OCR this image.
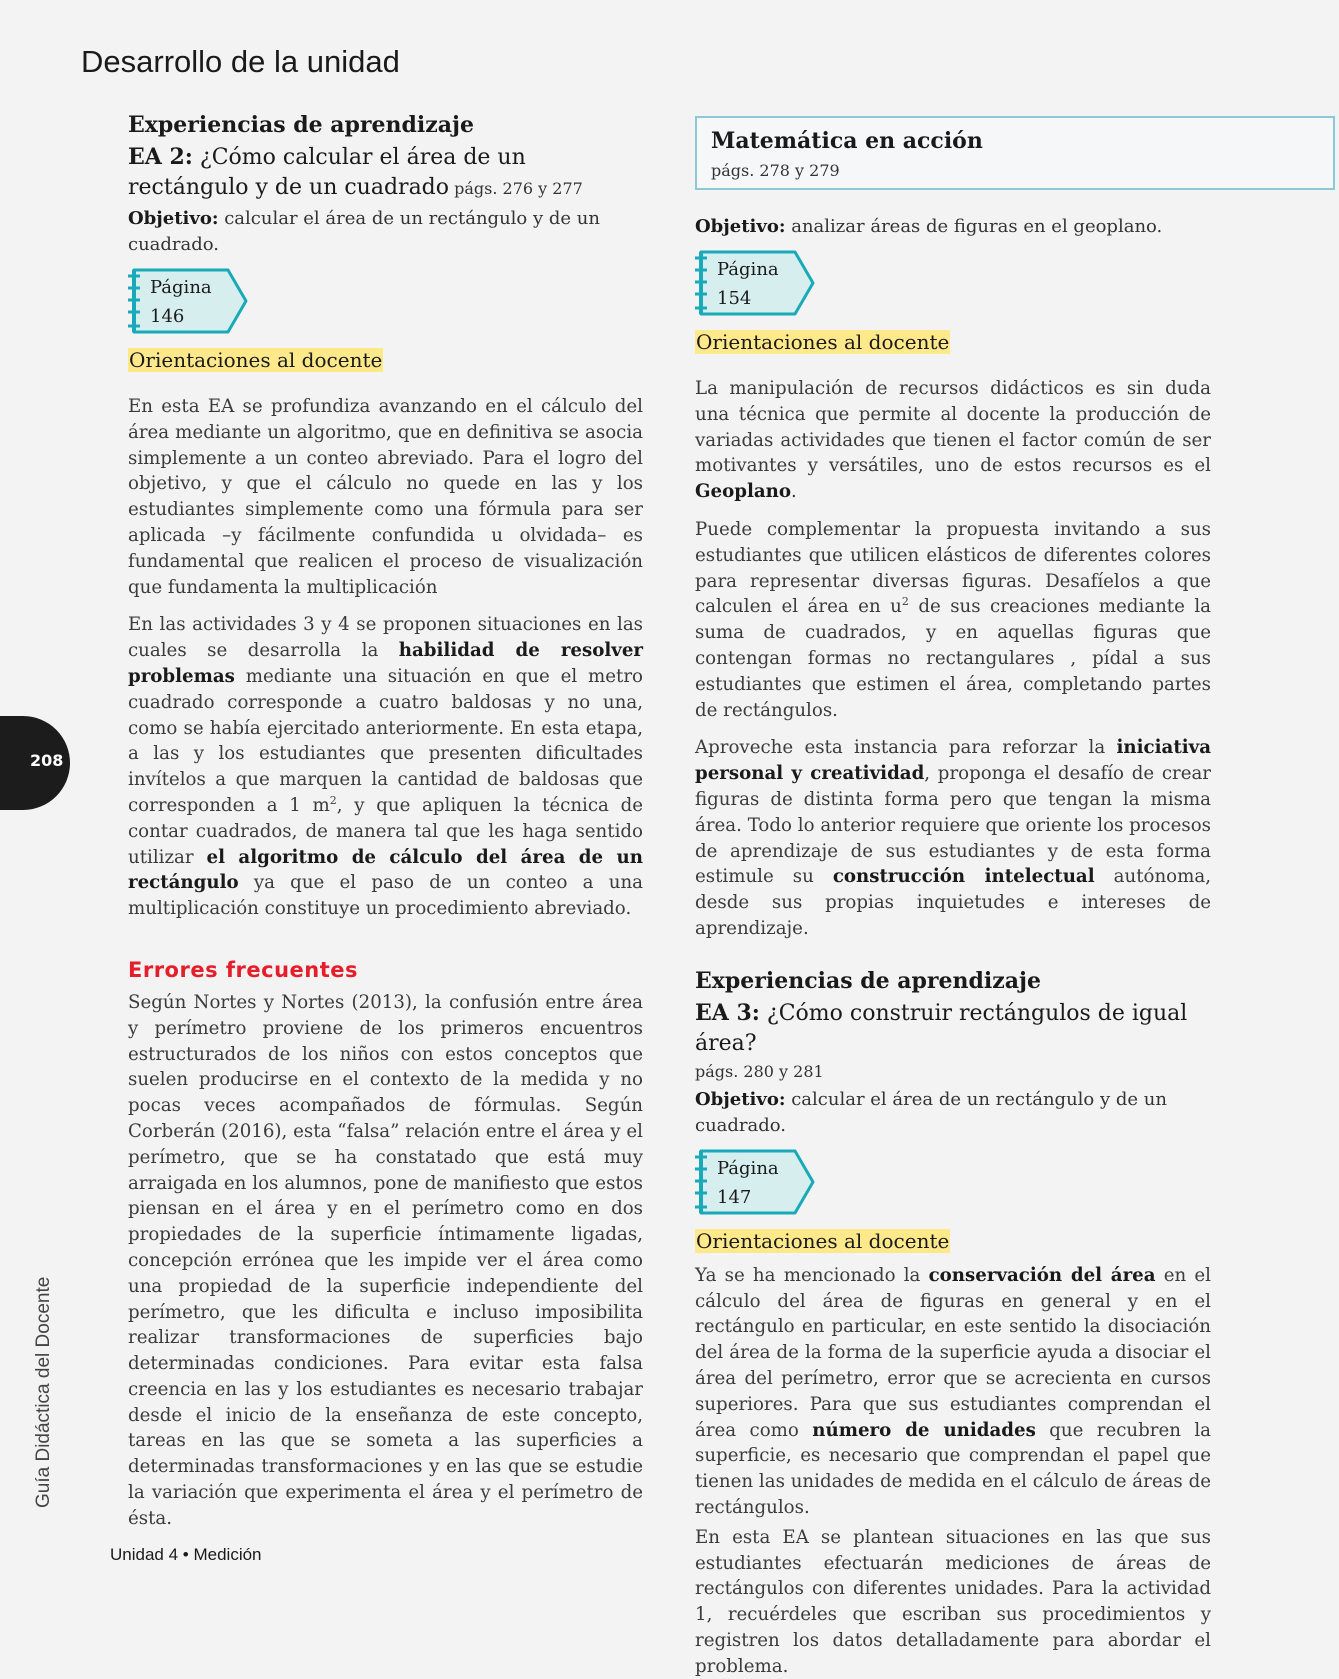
Desarrollo de la unidad
Experiencias de aprendizaje
EA 2: ¿Cómo calcular el área de un rectángulo y de un cuadrado págs. 276 y 277

Objetivo: calcular el área de un rectángulo y de un cuadrado.

Página
146
Orientaciones al docente

En esta EA se profundiza avanzando en el cálculo del área mediante un algoritmo, que en definitiva se asocia simplemente a un conteo abreviado. Para el logro del objetivo, y que el cálculo no quede en las y los estudiantes simplemente como una fórmula para ser aplicada –y fácilmente confundida u olvidada– es fundamental que realicen el proceso de visualización que fundamenta la multiplicación

En las actividades 3 y 4 se proponen situaciones en las cuales se desarrolla la habilidad de resolver problemas mediante una situación en que el metro cuadrado corresponde a cuatro baldosas y no una, como se había ejercitado anteriormente. En esta etapa, a las y los estudiantes que presenten dificultades invítelos a que marquen la cantidad de baldosas que corresponden a 1 $m^2$, y que apliquen la técnica de contar cuadrados, de manera tal que les haga sentido utilizar el algoritmo de cálculo del área de un rectángulo ya que el paso de un conteo a una multiplicación constituye un procedimiento abreviado.

Errores frecuentes

Según Nortes y Nortes (2013), la confusión entre área y perímetro proviene de los primeros encuentros estructurados de los niños con estos conceptos que suelen producirse en el contexto de la medida y no pocas veces acompañados de fórmulas. Según Corberán (2016), esta “falsa” relación entre el área y el perímetro, que se ha constatado que está muy arraigada en los alumnos, pone de manifiesto que estos piensan en el área y en el perímetro como en dos propiedades de la superficie íntimamente ligadas, concepción errónea que les impide ver el área como una propiedad de la superficie independiente del perímetro, que les dificulta e incluso imposibilita realizar transformaciones de superficies bajo determinadas condiciones. Para evitar esta falsa creencia en las y los estudiantes es necesario trabajar desde el inicio de la enseñanza de este concepto, tareas en las que se someta a las superficies a determinadas transformaciones y en las que se estudie la variación que experimenta el área y el perímetro de ésta.

Matemática en acción
págs. 278 y 279

Objetivo: analizar áreas de figuras en el geoplano.

Página
154
Orientaciones al docente

La manipulación de recursos didácticos es sin duda una técnica que permite al docente la producción de variadas actividades que tienen el factor común de ser motivantes y versátiles, uno de estos recursos es el Geoplano.

Puede complementar la propuesta invitando a sus estudiantes que utilicen elásticos de diferentes colores para representar diversas figuras. Desafíelos a que calculen el área en $u^2$ de sus creaciones mediante la suma de cuadrados, y en aquellas figuras que contengan formas no rectangulares , pídal a sus estudiantes que estimen el área, completando partes de rectángulos.

Aproveche esta instancia para reforzar la iniciativa personal y creatividad, proponga el desafío de crear figuras de distinta forma pero que tengan la misma área. Todo lo anterior requiere que oriente los procesos de aprendizaje de sus estudiantes y de esta forma estimule su construcción intelectual autónoma, desde sus propias inquietudes e intereses de aprendizaje.

Experiencias de aprendizaje
EA 3: ¿Cómo construir rectángulos de igual área?
págs. 280 y 281

Objetivo: calcular el área de un rectángulo y de un cuadrado.

Página
147
Orientaciones al docente

Ya se ha mencionado la conservación del área en el cálculo del área de figuras en general y en el rectángulo en particular, en este sentido la disociación del área de la forma de la superficie ayuda a disociar el área del perímetro, error que se acrecienta en cursos superiores. Para que sus estudiantes comprendan el área como número de unidades que recubren la superficie, es necesario que comprendan el papel que tienen las unidades de medida en el cálculo de áreas de rectángulos.

En esta EA se plantean situaciones en las que sus estudiantes efectuarán mediciones de áreas de rectángulos con diferentes unidades. Para la actividad 1, recuérdeles que escriban sus procedimientos y registren los datos detalladamente para abordar el problema.

208
Guía Didáctica del Docente
Unidad 4 • Medición
